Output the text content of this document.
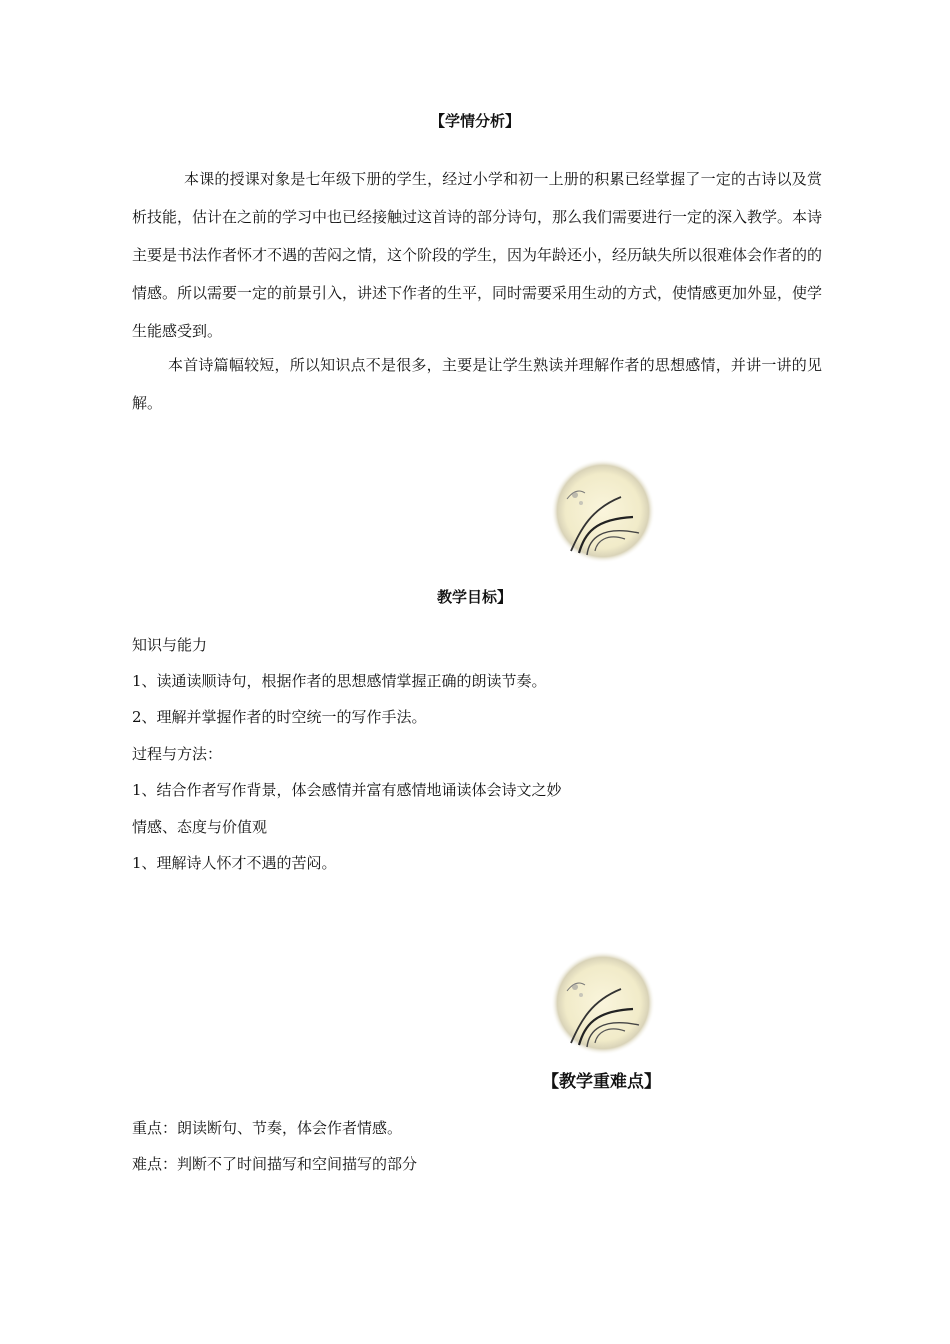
【学情分析】

本课的授课对象是七年级下册的学生，经过小学和初一上册的积累已经掌握了一定的古诗以及赏析技能，估计在之前的学习中也已经接触过这首诗的部分诗句，那么我们需要进行一定的深入教学。本诗主要是书法作者怀才不遇的苦闷之情，这个阶段的学生，因为年龄还小，经历缺失所以很难体会作者的的情感。所以需要一定的前景引入，讲述下作者的生平，同时需要采用生动的方式，使情感更加外显，使学生能感受到。

本首诗篇幅较短，所以知识点不是很多，主要是让学生熟读并理解作者的思想感情，并讲一讲的见解。

教学目标】
知识与能力
1、读通读顺诗句，根据作者的思想感情掌握正确的朗读节奏。
2、理解并掌握作者的时空统一的写作手法。
过程与方法：
1、结合作者写作背景，体会感情并富有感情地诵读体会诗文之妙
情感、态度与价值观
1、理解诗人怀才不遇的苦闷。
【教学重难点】
重点：朗读断句、节奏，体会作者情感。
难点：判断不了时间描写和空间描写的部分
